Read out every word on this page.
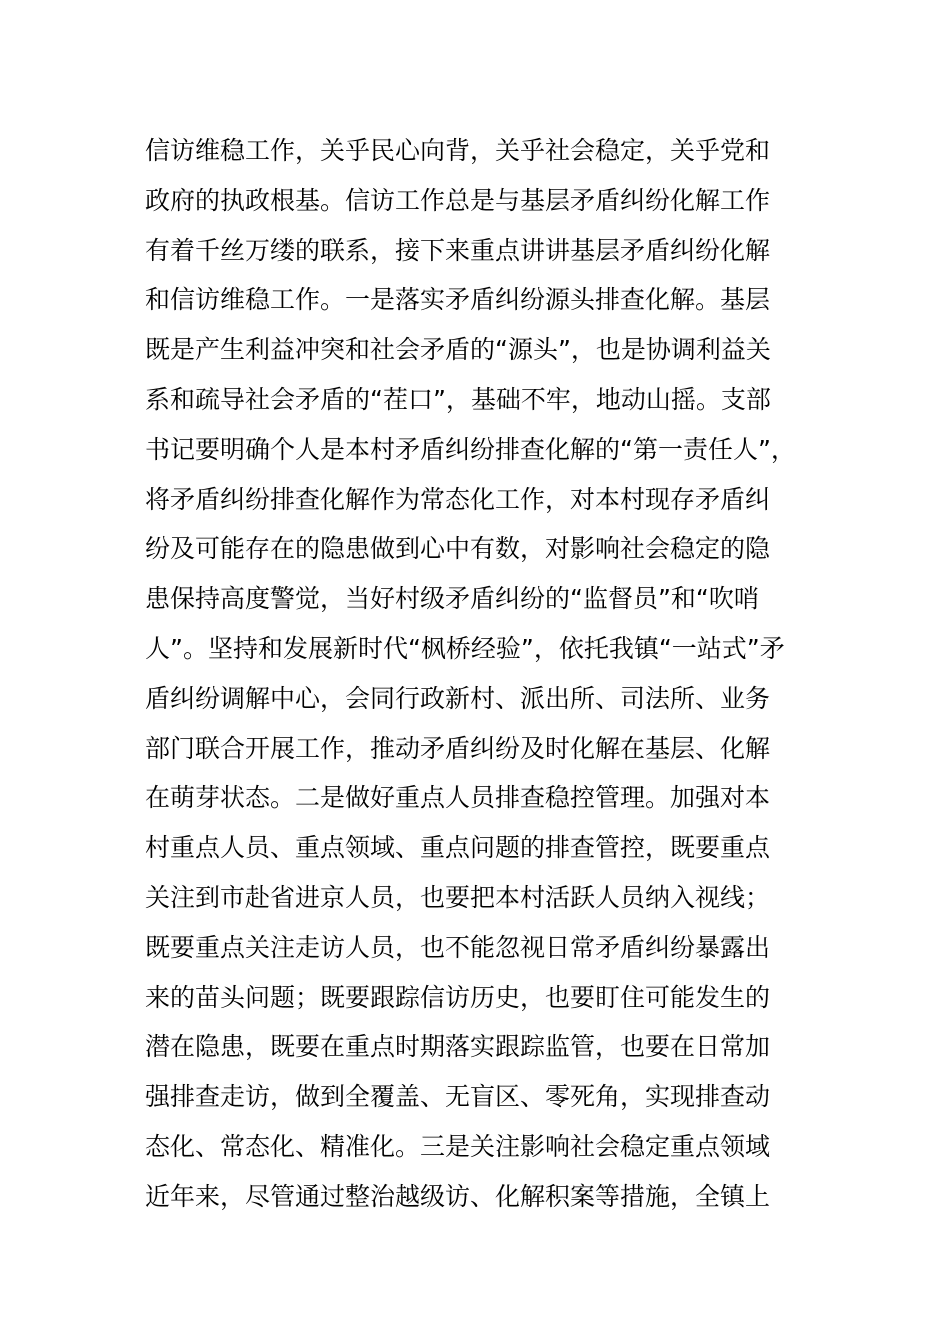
信访维稳工作，关乎民心向背，关乎社会稳定，关乎党和
政府的执政根基。信访工作总是与基层矛盾纠纷化解工作
有着千丝万缕的联系，接下来重点讲讲基层矛盾纠纷化解
和信访维稳工作。一是落实矛盾纠纷源头排查化解。基层
既是产生利益冲突和社会矛盾的“源头”，也是协调利益关
系和疏导社会矛盾的“茬口”，基础不牢，地动山摇。支部
书记要明确个人是本村矛盾纠纷排查化解的“第一责任人”，
将矛盾纠纷排查化解作为常态化工作，对本村现存矛盾纠
纷及可能存在的隐患做到心中有数，对影响社会稳定的隐
患保持高度警觉，当好村级矛盾纠纷的“监督员”和“吹哨
人”。坚持和发展新时代“枫桥经验”，依托我镇“一站式”矛
盾纠纷调解中心，会同行政新村、派出所、司法所、业务
部门联合开展工作，推动矛盾纠纷及时化解在基层、化解
在萌芽状态。二是做好重点人员排查稳控管理。加强对本
村重点人员、重点领域、重点问题的排查管控，既要重点
关注到市赴省进京人员，也要把本村活跃人员纳入视线；
既要重点关注走访人员，也不能忽视日常矛盾纠纷暴露出
来的苗头问题；既要跟踪信访历史，也要盯住可能发生的
潜在隐患，既要在重点时期落实跟踪监管，也要在日常加
强排查走访，做到全覆盖、无盲区、零死角，实现排查动
态化、常态化、精准化。三是关注影响社会稳定重点领域
近年来，尽管通过整治越级访、化解积案等措施，全镇上
